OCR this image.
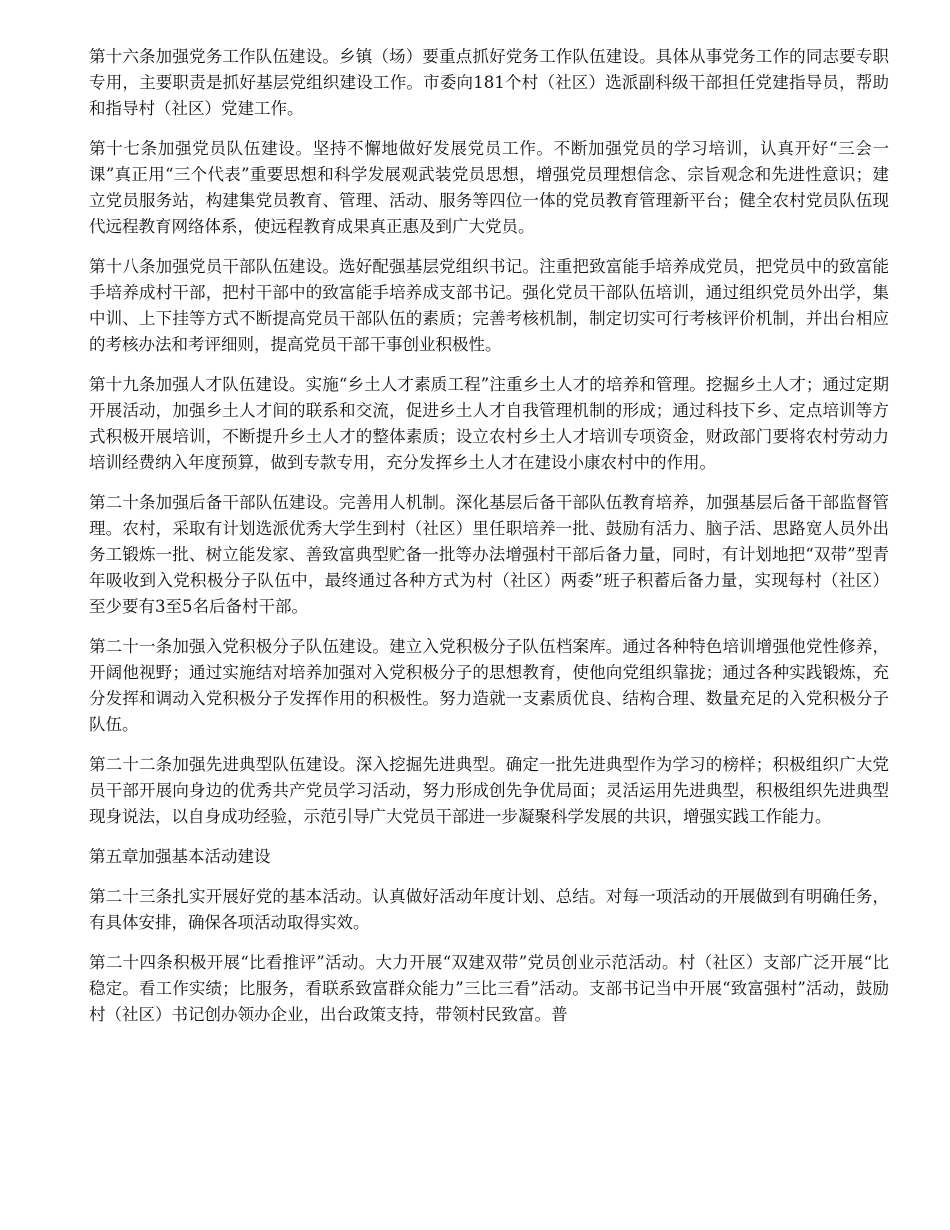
第十六条加强党务工作队伍建设。乡镇（场）要重点抓好党务工作队伍建设。具体从事党务工作的同志要专职专用，主要职责是抓好基层党组织建设工作。市委向181个村（社区）选派副科级干部担任党建指导员，帮助和指导村（社区）党建工作。

第十七条加强党员队伍建设。坚持不懈地做好发展党员工作。不断加强党员的学习培训，认真开好“三会一课”真正用“三个代表”重要思想和科学发展观武装党员思想，增强党员理想信念、宗旨观念和先进性意识；建立党员服务站，构建集党员教育、管理、活动、服务等四位一体的党员教育管理新平台；健全农村党员队伍现代远程教育网络体系，使远程教育成果真正惠及到广大党员。

第十八条加强党员干部队伍建设。选好配强基层党组织书记。注重把致富能手培养成党员，把党员中的致富能手培养成村干部，把村干部中的致富能手培养成支部书记。强化党员干部队伍培训，通过组织党员外出学，集中训、上下挂等方式不断提高党员干部队伍的素质；完善考核机制，制定切实可行考核评价机制，并出台相应的考核办法和考评细则，提高党员干部干事创业积极性。

第十九条加强人才队伍建设。实施“乡土人才素质工程”注重乡土人才的培养和管理。挖掘乡土人才；通过定期开展活动，加强乡土人才间的联系和交流，促进乡土人才自我管理机制的形成；通过科技下乡、定点培训等方式积极开展培训，不断提升乡土人才的整体素质；设立农村乡土人才培训专项资金，财政部门要将农村劳动力培训经费纳入年度预算，做到专款专用，充分发挥乡土人才在建设小康农村中的作用。

第二十条加强后备干部队伍建设。完善用人机制。深化基层后备干部队伍教育培养，加强基层后备干部监督管理。农村，采取有计划选派优秀大学生到村（社区）里任职培养一批、鼓励有活力、脑子活、思路宽人员外出务工锻炼一批、树立能发家、善致富典型贮备一批等办法增强村干部后备力量，同时，有计划地把“双带”型青年吸收到入党积极分子队伍中，最终通过各种方式为村（社区）两委”班子积蓄后备力量，实现每村（社区）至少要有3至5名后备村干部。

第二十一条加强入党积极分子队伍建设。建立入党积极分子队伍档案库。通过各种特色培训增强他党性修养，开阔他视野；通过实施结对培养加强对入党积极分子的思想教育，使他向党组织靠拢；通过各种实践锻炼，充分发挥和调动入党积极分子发挥作用的积极性。努力造就一支素质优良、结构合理、数量充足的入党积极分子队伍。

第二十二条加强先进典型队伍建设。深入挖掘先进典型。确定一批先进典型作为学习的榜样；积极组织广大党员干部开展向身边的优秀共产党员学习活动，努力形成创先争优局面；灵活运用先进典型，积极组织先进典型现身说法，以自身成功经验，示范引导广大党员干部进一步凝聚科学发展的共识，增强实践工作能力。

第五章加强基本活动建设

第二十三条扎实开展好党的基本活动。认真做好活动年度计划、总结。对每一项活动的开展做到有明确任务，有具体安排，确保各项活动取得实效。

第二十四条积极开展“比看推评”活动。大力开展“双建双带”党员创业示范活动。村（社区）支部广泛开展“比稳定。看工作实绩；比服务，看联系致富群众能力”三比三看”活动。支部书记当中开展“致富强村”活动，鼓励村（社区）书记创办领办企业，出台政策支持，带领村民致富。普
